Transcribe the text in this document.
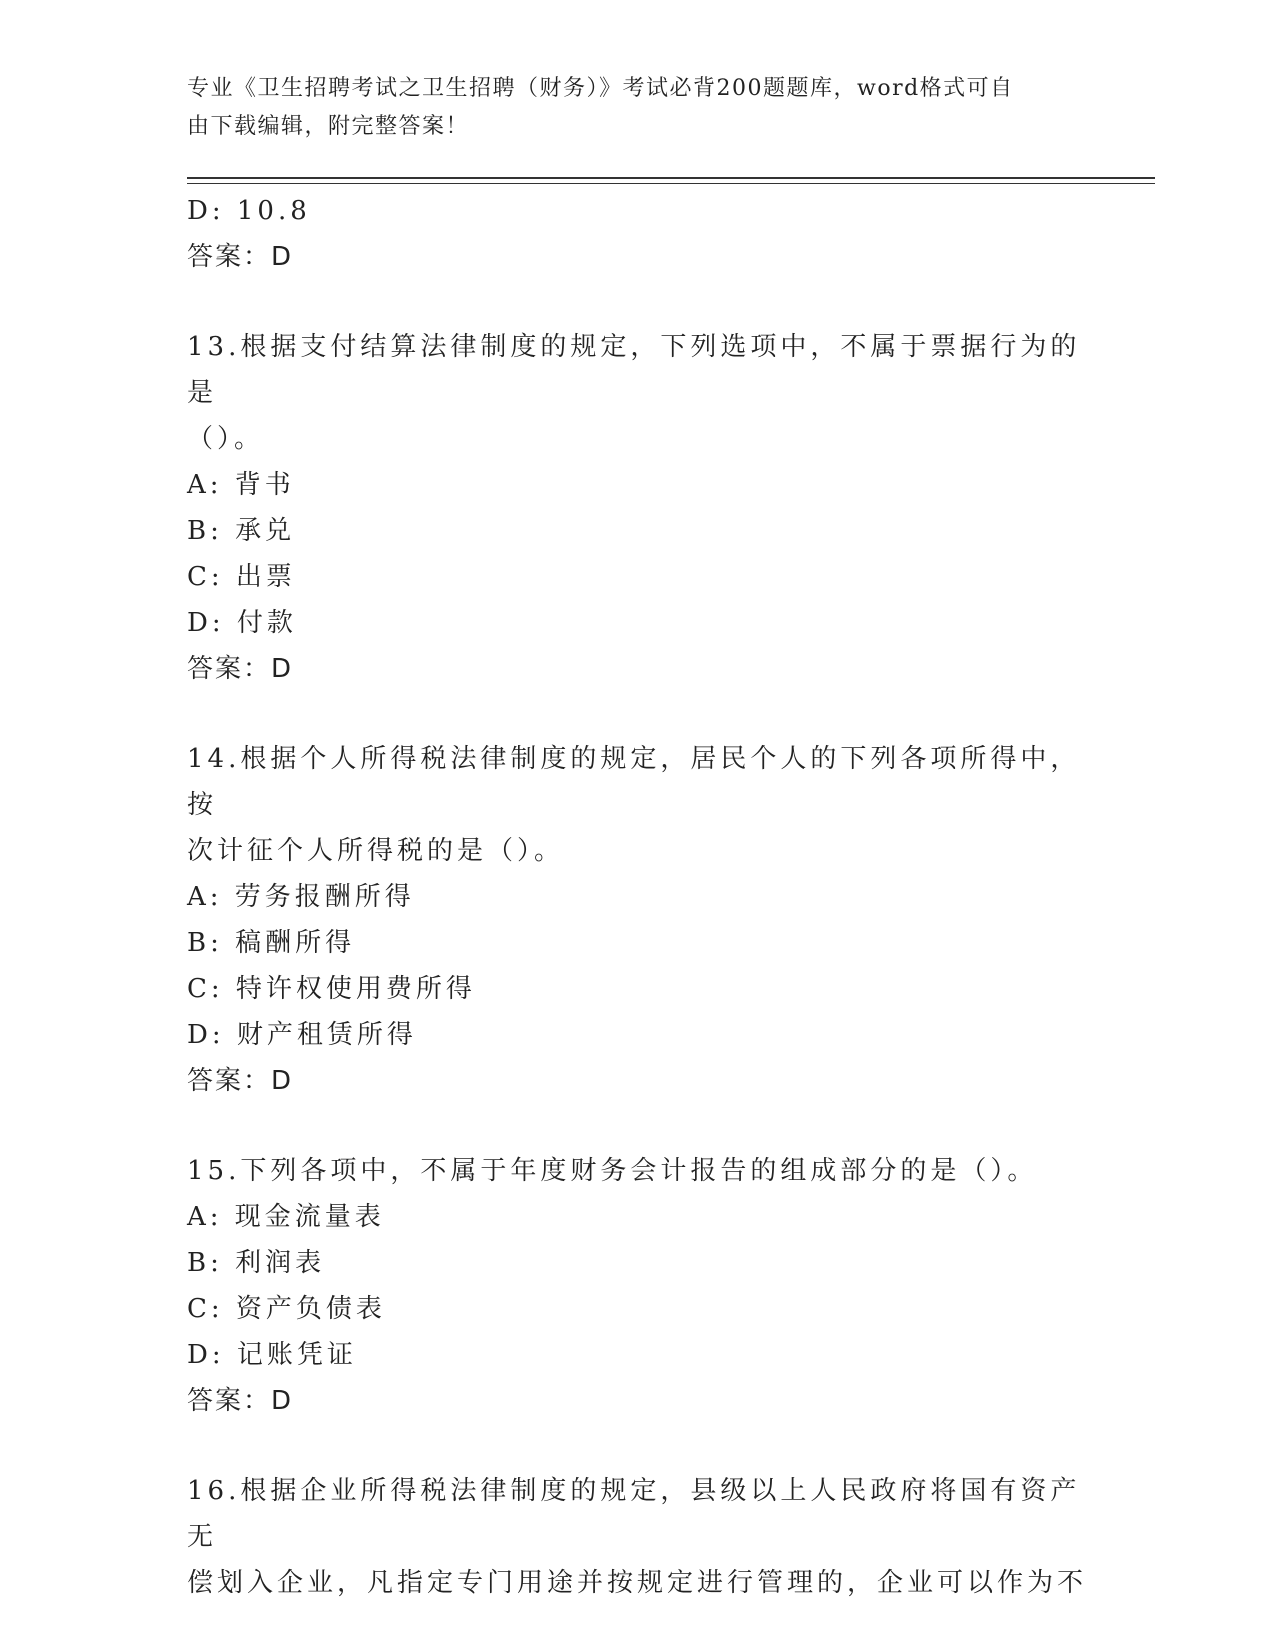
专业《卫生招聘考试之卫生招聘（财务）》考试必背200题题库，word格式可自
由下载编辑，附完整答案！
D: 10.8
答案：D
13.根据支付结算法律制度的规定，下列选项中，不属于票据行为的是
（）。
A: 背书
B: 承兑
C: 出票
D: 付款
答案：D
14.根据个人所得税法律制度的规定，居民个人的下列各项所得中，按
次计征个人所得税的是（）。
A: 劳务报酬所得
B: 稿酬所得
C: 特许权使用费所得
D: 财产租赁所得
答案：D
15.下列各项中，不属于年度财务会计报告的组成部分的是（）。
A: 现金流量表
B: 利润表
C: 资产负债表
D: 记账凭证
答案：D
16.根据企业所得税法律制度的规定，县级以上人民政府将国有资产无
偿划入企业，凡指定专门用途并按规定进行管理的，企业可以作为不
